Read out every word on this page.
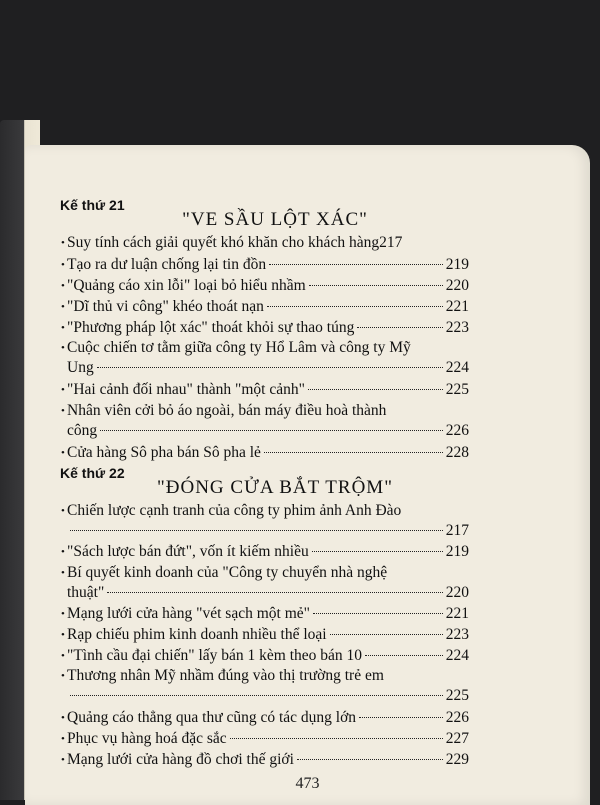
Kế thứ 21
"VE SẦU LỘT XÁC"
• Suy tính cách giải quyết khó khăn cho khách hàng 217
• Tạo ra dư luận chống lại tin đồn	219
• "Quảng cáo xin lỗi" loại bỏ hiểu nhầm	220
• "Dĩ thủ vi công" khéo thoát nạn	221
• "Phương pháp lột xác" thoát khỏi sự thao túng	223
• Cuộc chiến tơ tằm giữa công ty Hổ Lâm và công ty Mỹ
Ung	224
• "Hai cảnh đối nhau" thành "một cảnh"	225
• Nhân viên cởi bỏ áo ngoài, bán máy điều hoà thành
công	226
• Cửa hàng Sô pha bán Sô pha lẻ	228
Kế thứ 22
"ĐÓNG CỬA BẮT TRỘM"
• Chiến lược cạnh tranh của công ty phim ảnh Anh Đào
217
• "Sách lược bán đứt", vốn ít kiếm nhiều	219
• Bí quyết kinh doanh của "Công ty chuyển nhà nghệ
thuật"	220
• Mạng lưới cửa hàng "vét sạch một mẻ"	221
• Rạp chiếu phim kinh doanh nhiều thể loại	223
• "Tình cầu đại chiến" lấy bán 1 kèm theo bán 10	224
• Thương nhân Mỹ nhầm đúng vào thị trường trẻ em
225
• Quảng cáo thẳng qua thư cũng có tác dụng lớn	226
• Phục vụ hàng hoá đặc sắc	227
• Mạng lưới cửa hàng đồ chơi thế giới	229
473
